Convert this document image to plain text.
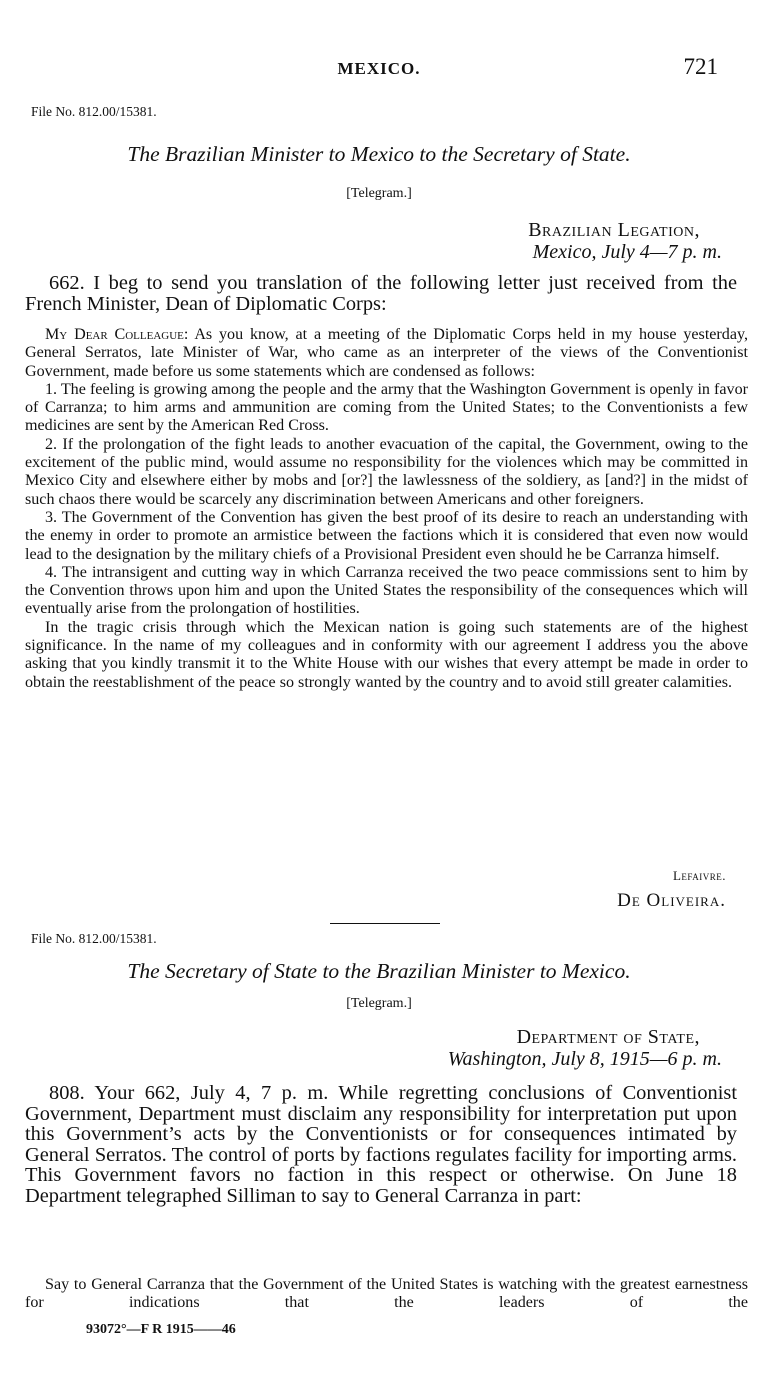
MEXICO.	721
File No. 812.00/15381.
The Brazilian Minister to Mexico to the Secretary of State.
[Telegram.]
Brazilian Legation,
Mexico, July 4—7 p. m.

662. I beg to send you translation of the following letter just received from the French Minister, Dean of Diplomatic Corps:

My Dear Colleague: As you know, at a meeting of the Diplomatic Corps held in my house yesterday, General Serratos, late Minister of War, who came as an interpreter of the views of the Conventionist Government, made before us some statements which are condensed as follows:

1. The feeling is growing among the people and the army that the Washington Government is openly in favor of Carranza; to him arms and ammunition are coming from the United States; to the Conventionists a few medicines are sent by the American Red Cross.

2. If the prolongation of the fight leads to another evacuation of the capital, the Government, owing to the excitement of the public mind, would assume no responsibility for the violences which may be committed in Mexico City and elsewhere either by mobs and [or?] the lawlessness of the soldiery, as [and?] in the midst of such chaos there would be scarcely any discrimination between Americans and other foreigners.

3. The Government of the Convention has given the best proof of its desire to reach an understanding with the enemy in order to promote an armistice between the factions which it is considered that even now would lead to the designation by the military chiefs of a Provisional President even should he be Carranza himself.

4. The intransigent and cutting way in which Carranza received the two peace commissions sent to him by the Convention throws upon him and upon the United States the responsibility of the consequences which will eventually arise from the prolongation of hostilities.

In the tragic crisis through which the Mexican nation is going such statements are of the highest significance. In the name of my colleagues and in conformity with our agreement I address you the above asking that you kindly transmit it to the White House with our wishes that every attempt be made in order to obtain the reestablishment of the peace so strongly wanted by the country and to avoid still greater calamities.

Lefaivre.
De Oliveira.
File No. 812.00/15381.
The Secretary of State to the Brazilian Minister to Mexico.
[Telegram.]
Department of State,
Washington, July 8, 1915—6 p. m.

808. Your 662, July 4, 7 p. m. While regretting conclusions of Conventionist Government, Department must disclaim any responsibility for interpretation put upon this Government’s acts by the Conventionists or for consequences intimated by General Serratos. The control of ports by factions regulates facility for importing arms. This Government favors no faction in this respect or otherwise. On June 18 Department telegraphed Silliman to say to General Carranza in part:

Say to General Carranza that the Government of the United States is watching with the greatest earnestness for indications that the leaders of the

93072°—F R 1915——46
